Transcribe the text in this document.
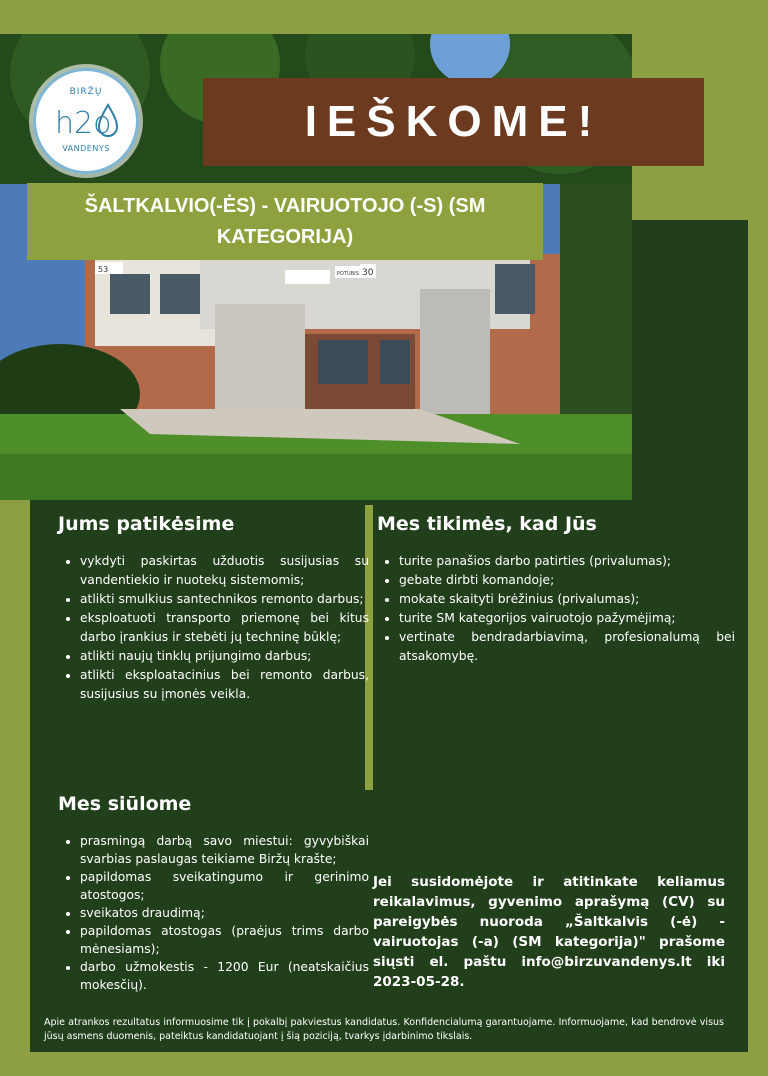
30
POTUBIS
53
BIRŽŲ
h2o
VANDENYS
IEŠKOME!
ŠALTKALVIO(-ĖS) - VAIRUOTOJO (-S) (SM
KATEGORIJA)
Jums patikėsime
• vykdyti paskirtas užduotis susijusias su vandentiekio ir nuotekų sistemomis;
• atlikti smulkius santechnikos remonto darbus;
• eksploatuoti transporto priemonę bei kitus darbo įrankius ir stebėti jų techninę būklę;
• atlikti naujų tinklų prijungimo darbus;
• atlikti eksploatacinius bei remonto darbus, susijusius su įmonės veikla.
Mes tikimės, kad Jūs
• turite panašios darbo patirties (privalumas);
• gebate dirbti komandoje;
• mokate skaityti brėžinius (privalumas);
• turite SM kategorijos vairuotojo pažymėjimą;
• vertinate bendradarbiavimą, profesionalumą bei atsakomybę.
Mes siūlome
• prasmingą darbą savo miestui: gyvybiškai svarbias paslaugas teikiame Biržų krašte;
• papildomas sveikatingumo ir gerinimo atostogos;
• sveikatos draudimą;
• papildomas atostogas (praėjus trims darbo mėnesiams);
• darbo užmokestis - 1200 Eur (neatskaičius mokesčių).

Jei susidomėjote ir atitinkate keliamus reikalavimus, gyvenimo aprašymą (CV) su pareigybės nuoroda „Šaltkalvis (-ė) - vairuotojas (-a) (SM kategorija)" prašome siųsti el. paštu info@birzuvandenys.lt iki 2023-05-28.

Apie atrankos rezultatus informuosime tik į pokalbį pakviestus kandidatus. Konfidencialumą garantuojame. Informuojame, kad bendrovė visus jūsų asmens duomenis, pateiktus kandidatuojant į šią poziciją, tvarkys įdarbinimo tikslais.
